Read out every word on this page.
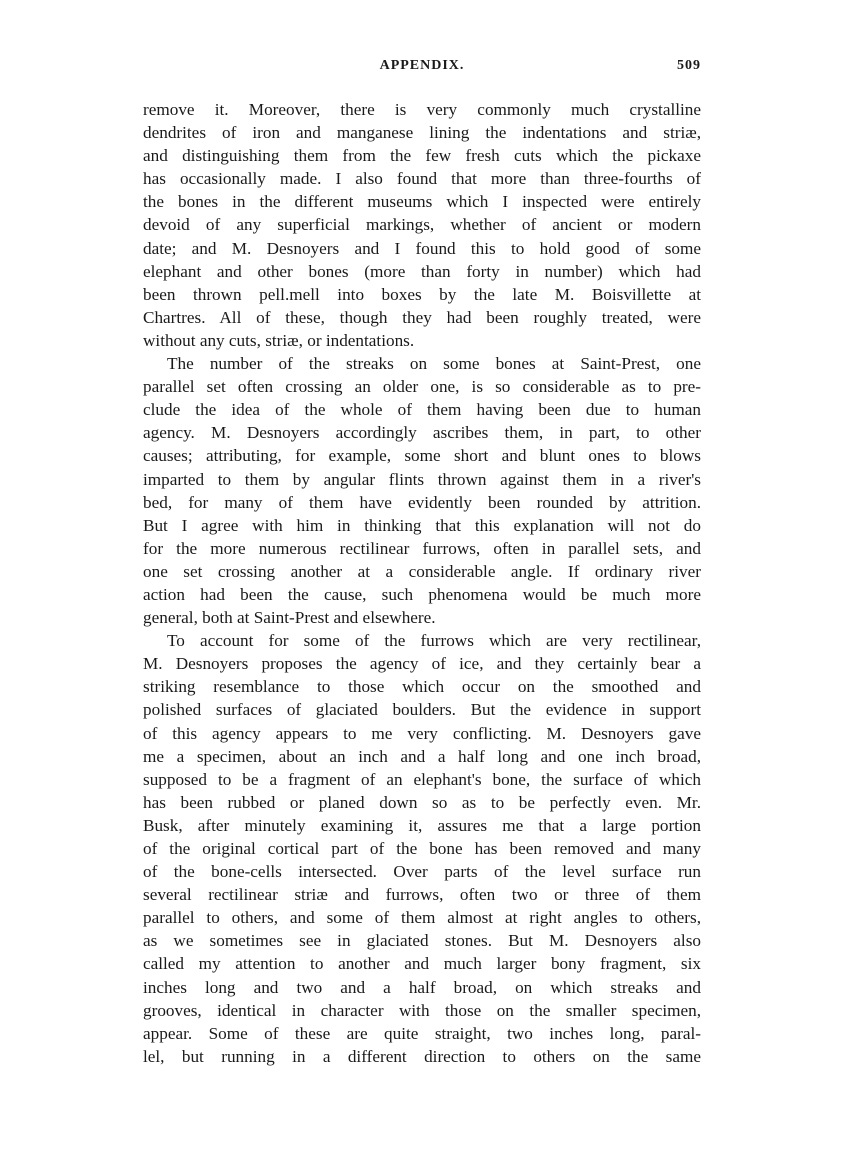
APPENDIX.	509
remove it. Moreover, there is very commonly much crystalline
dendrites of iron and manganese lining the indentations and striæ,
and distinguishing them from the few fresh cuts which the pickaxe
has occasionally made. I also found that more than three-fourths of
the bones in the different museums which I inspected were entirely
devoid of any superficial markings, whether of ancient or modern
date; and M. Desnoyers and I found this to hold good of some
elephant and other bones (more than forty in number) which had
been thrown pell.mell into boxes by the late M. Boisvillette at
Chartres. All of these, though they had been roughly treated, were
without any cuts, striæ, or indentations.
The number of the streaks on some bones at Saint-Prest, one
parallel set often crossing an older one, is so considerable as to pre-
clude the idea of the whole of them having been due to human
agency. M. Desnoyers accordingly ascribes them, in part, to other
causes; attributing, for example, some short and blunt ones to blows
imparted to them by angular flints thrown against them in a river's
bed, for many of them have evidently been rounded by attrition.
But I agree with him in thinking that this explanation will not do
for the more numerous rectilinear furrows, often in parallel sets, and
one set crossing another at a considerable angle. If ordinary river
action had been the cause, such phenomena would be much more
general, both at Saint-Prest and elsewhere.
To account for some of the furrows which are very rectilinear,
M. Desnoyers proposes the agency of ice, and they certainly bear a
striking resemblance to those which occur on the smoothed and
polished surfaces of glaciated boulders. But the evidence in support
of this agency appears to me very conflicting. M. Desnoyers gave
me a specimen, about an inch and a half long and one inch broad,
supposed to be a fragment of an elephant's bone, the surface of which
has been rubbed or planed down so as to be perfectly even. Mr.
Busk, after minutely examining it, assures me that a large portion
of the original cortical part of the bone has been removed and many
of the bone-cells intersected. Over parts of the level surface run
several rectilinear striæ and furrows, often two or three of them
parallel to others, and some of them almost at right angles to others,
as we sometimes see in glaciated stones. But M. Desnoyers also
called my attention to another and much larger bony fragment, six
inches long and two and a half broad, on which streaks and
grooves, identical in character with those on the smaller specimen,
appear. Some of these are quite straight, two inches long, paral-
lel, but running in a different direction to others on the same
